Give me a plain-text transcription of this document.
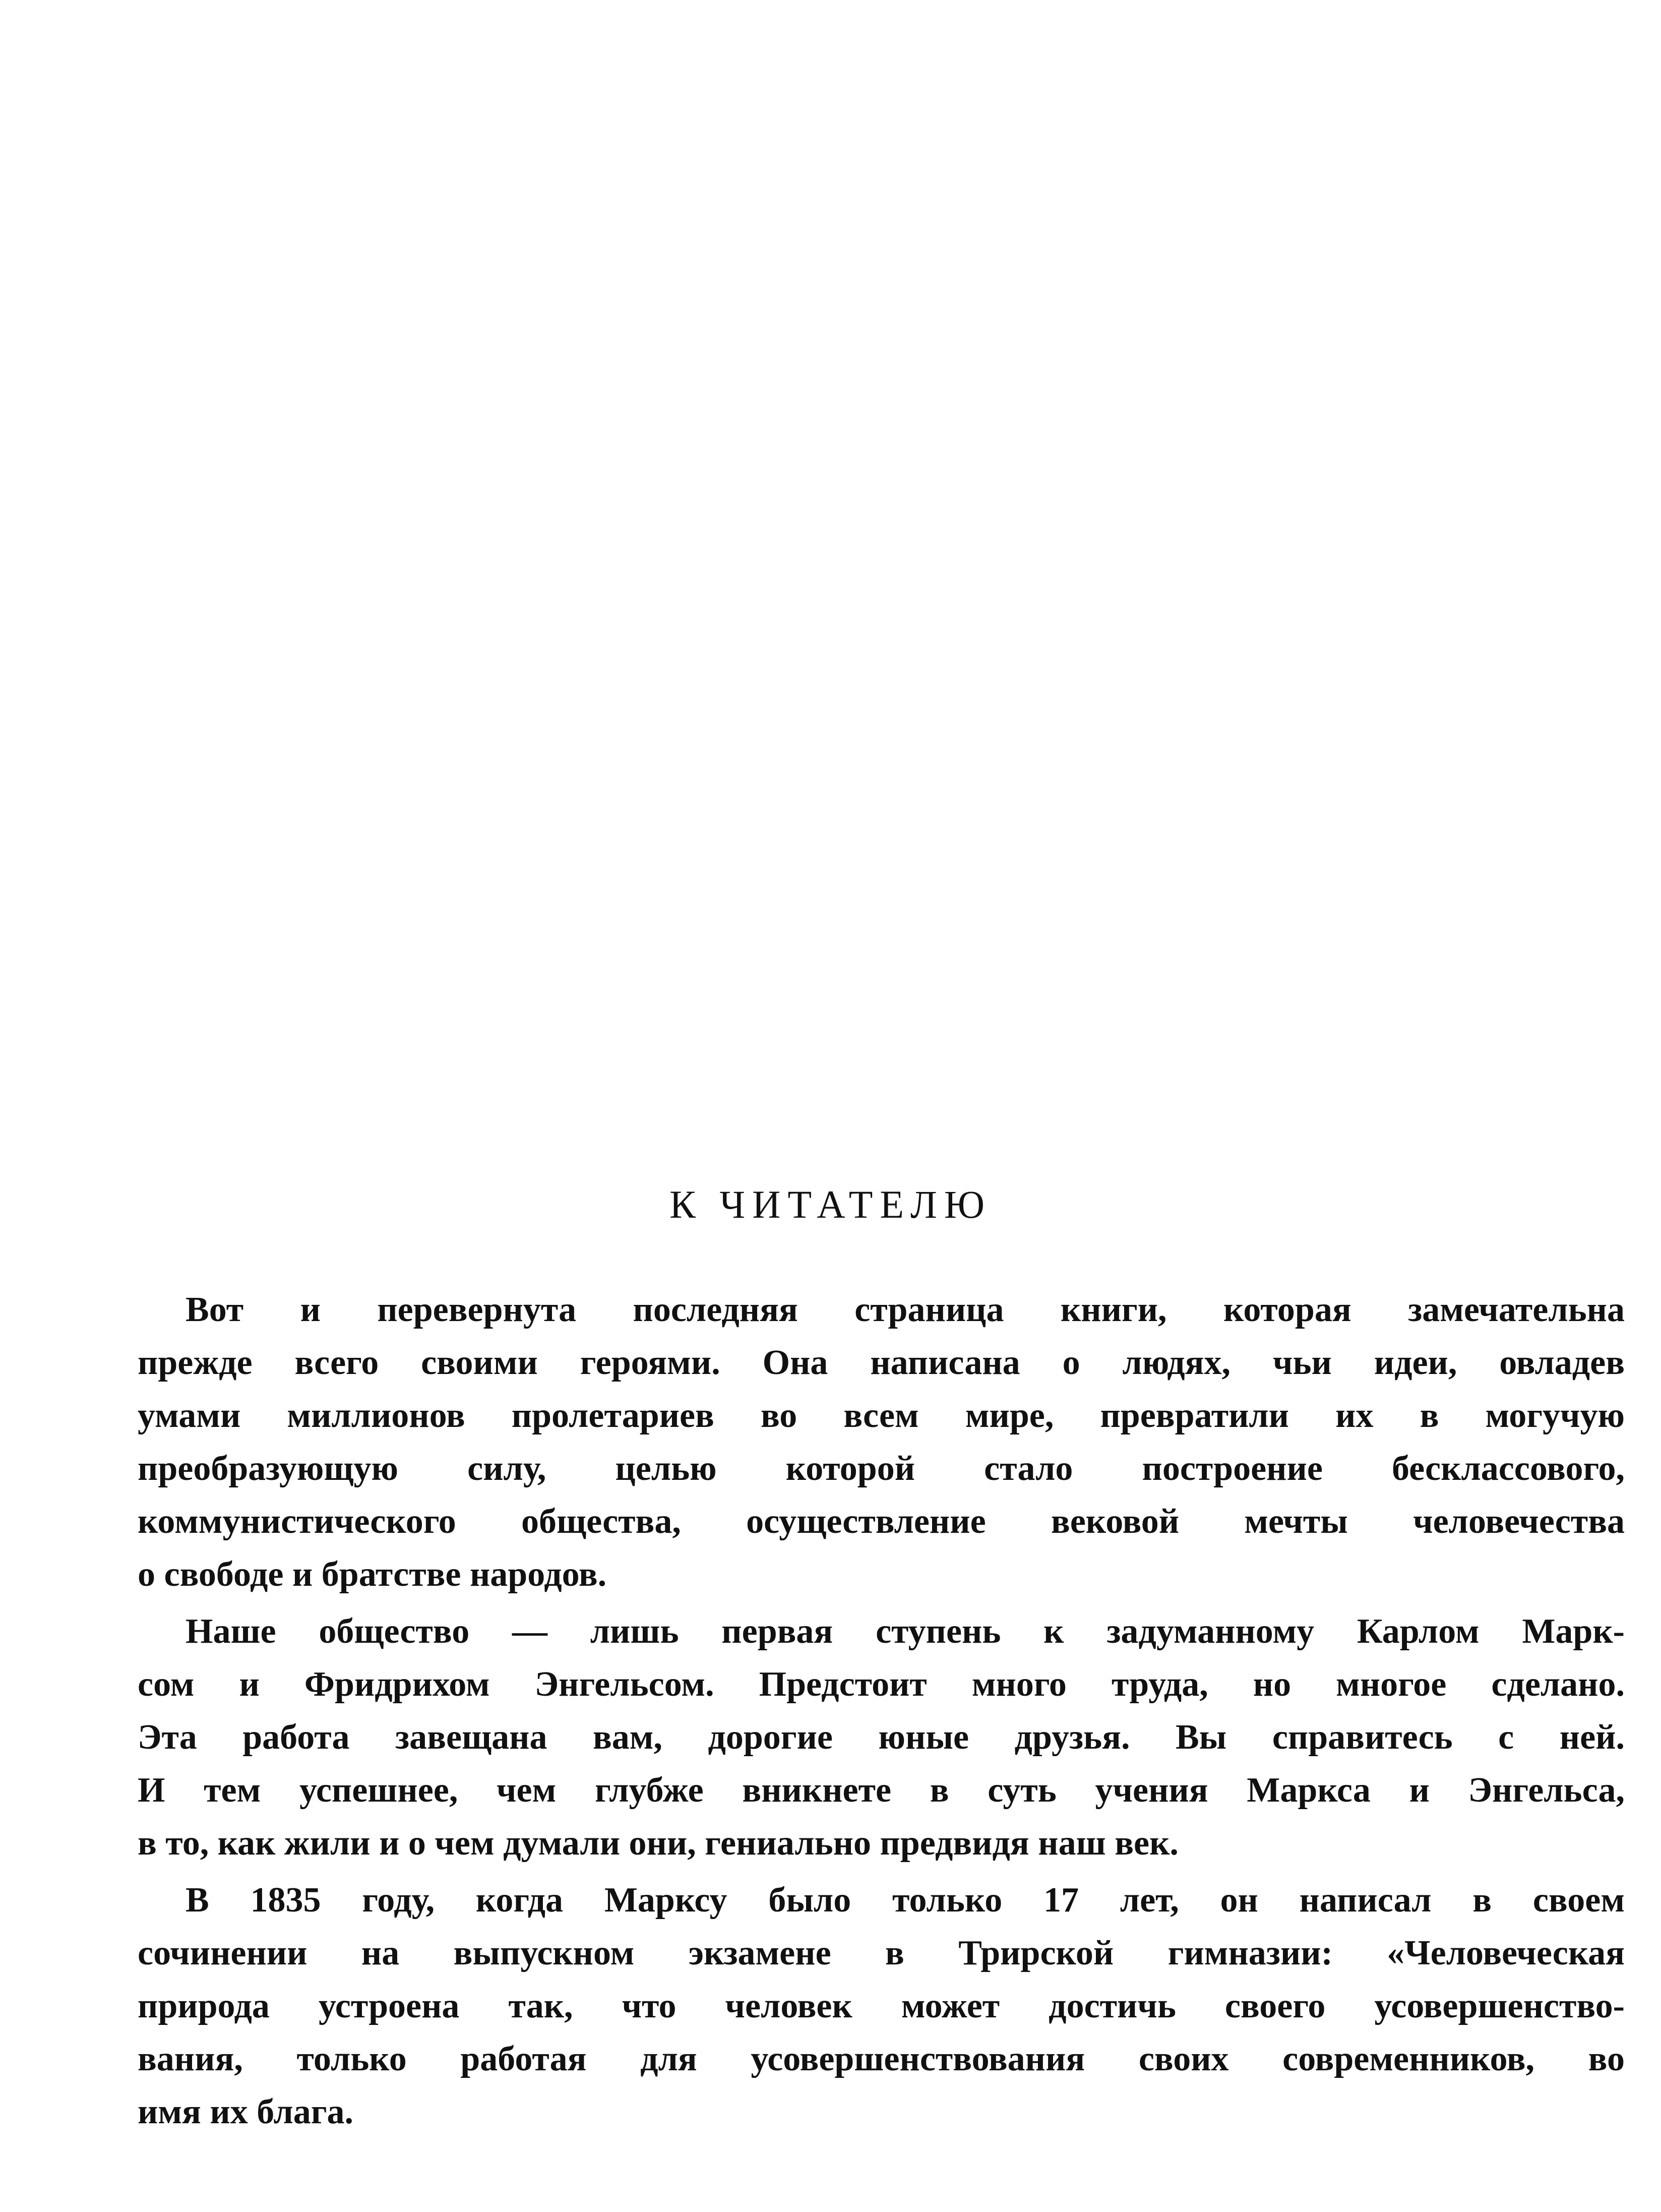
К ЧИТАТЕЛЮ
Вот и перевернута последняя страница книги, которая замечательна
прежде всего своими героями. Она написана о людях, чьи идеи, овладев
умами миллионов пролетариев во всем мире, превратили их в могучую
преобразующую силу, целью которой стало построение бесклассового,
коммунистического общества, осуществление вековой мечты человечества
о свободе и братстве народов.
Наше общество — лишь первая ступень к задуманному Карлом Марк-
сом и Фридрихом Энгельсом. Предстоит много труда, но многое сделано.
Эта работа завещана вам, дорогие юные друзья. Вы справитесь с ней.
И тем успешнее, чем глубже вникнете в суть учения Маркса и Энгельса,
в то, как жили и о чем думали они, гениально предвидя наш век.
В 1835 году, когда Марксу было только 17 лет, он написал в своем
сочинении на выпускном экзамене в Трирской гимназии: «Человеческая
природа устроена так, что человек может достичь своего усовершенство-
вания, только работая для усовершенствования своих современников, во
имя их блага.
